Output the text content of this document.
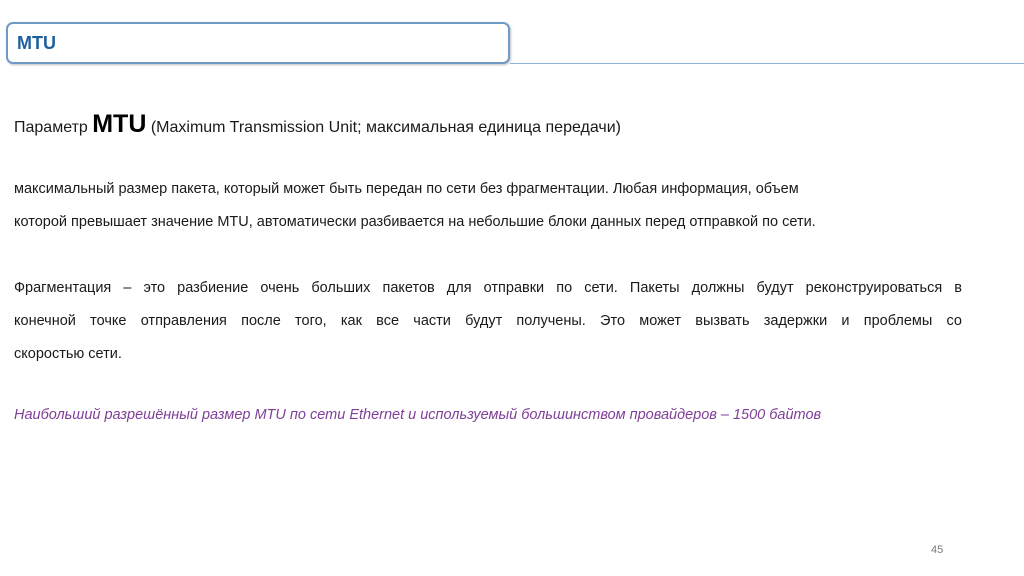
MTU
Параметр MTU (Maximum Transmission Unit; максимальная единица передачи)
максимальный размер пакета, который может быть передан по сети без фрагментации. Любая информация, объем
которой превышает значение MTU, автоматически разбивается на небольшие блоки данных перед отправкой по сети.
Фрагментация – это разбиение очень больших пакетов для отправки по сети. Пакеты должны будут реконструироваться в
конечной точке отправления после того, как все части будут получены. Это может вызвать задержки и проблемы со
скоростью сети.
Наибольший разрешённый размер MTU по сети Ethernet и используемый большинством провайдеров – 1500 байтов
45
